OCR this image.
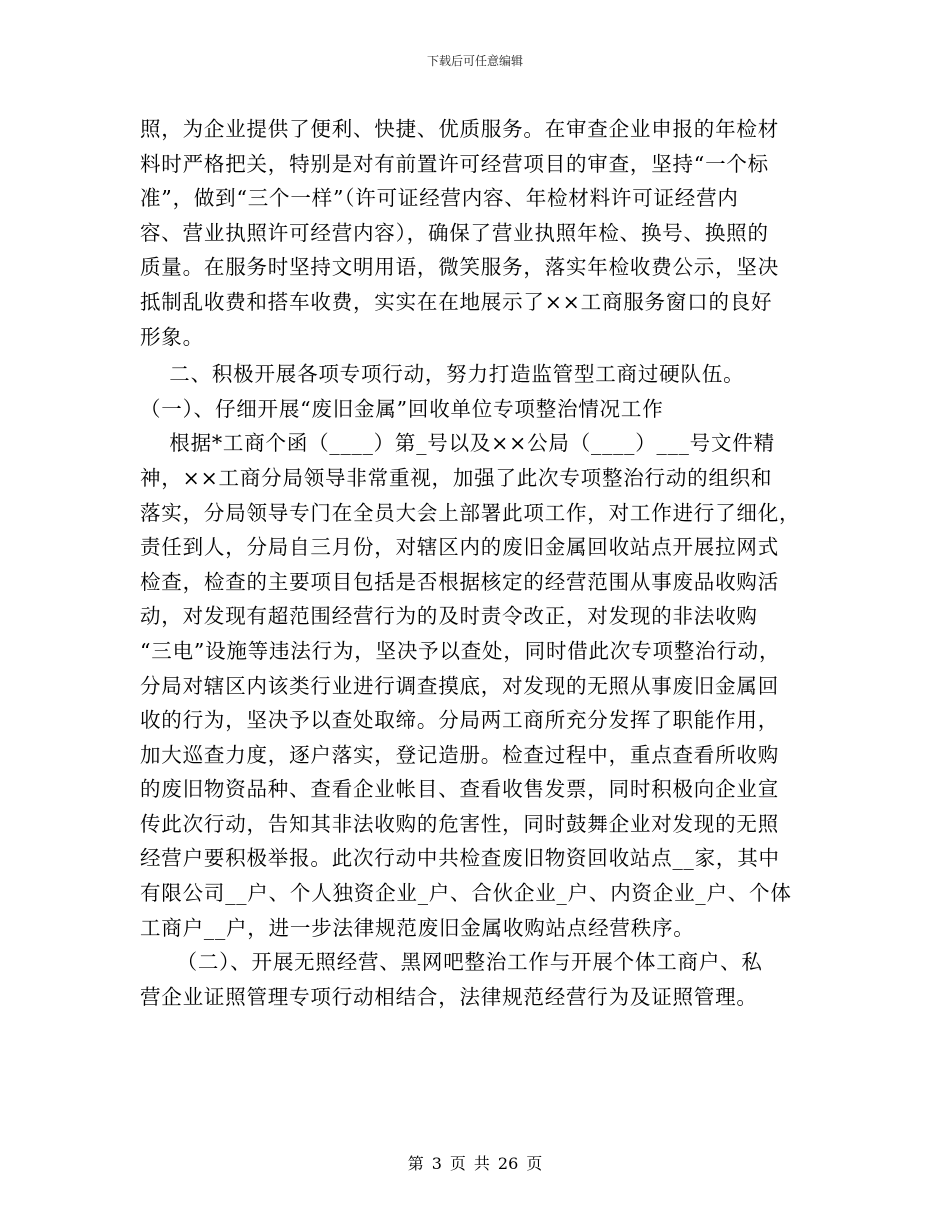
下载后可任意编辑
照，为企业提供了便利、快捷、优质服务。在审查企业申报的年检材
料时严格把关，特别是对有前置许可经营项目的审查，坚持“一个标
准”，做到“三个一样”（许可证经营内容、年检材料许可证经营内
容、营业执照许可经营内容），确保了营业执照年检、换号、换照的
质量。在服务时坚持文明用语，微笑服务，落实年检收费公示，坚决
抵制乱收费和搭车收费，实实在在地展示了××工商服务窗口的良好
形象。
二、积极开展各项专项行动，努力打造监管型工商过硬队伍。
（一）、仔细开展“废旧金属”回收单位专项整治情况工作
根据*工商个函（____）第_号以及××公局（____）___号文件精
神，××工商分局领导非常重视，加强了此次专项整治行动的组织和
落实，分局领导专门在全员大会上部署此项工作，对工作进行了细化，
责任到人，分局自三月份，对辖区内的废旧金属回收站点开展拉网式
检查，检查的主要项目包括是否根据核定的经营范围从事废品收购活
动，对发现有超范围经营行为的及时责令改正，对发现的非法收购
“三电”设施等违法行为，坚决予以查处，同时借此次专项整治行动，
分局对辖区内该类行业进行调查摸底，对发现的无照从事废旧金属回
收的行为，坚决予以查处取缔。分局两工商所充分发挥了职能作用，
加大巡查力度，逐户落实，登记造册。检查过程中，重点查看所收购
的废旧物资品种、查看企业帐目、查看收售发票，同时积极向企业宣
传此次行动，告知其非法收购的危害性，同时鼓舞企业对发现的无照
经营户要积极举报。此次行动中共检查废旧物资回收站点__家，其中
有限公司__户、个人独资企业_户、合伙企业_户、内资企业_户、个体
工商户__户，进一步法律规范废旧金属收购站点经营秩序。
（二）、开展无照经营、黑网吧整治工作与开展个体工商户、私
营企业证照管理专项行动相结合，法律规范经营行为及证照管理。
第 3 页 共 26 页
